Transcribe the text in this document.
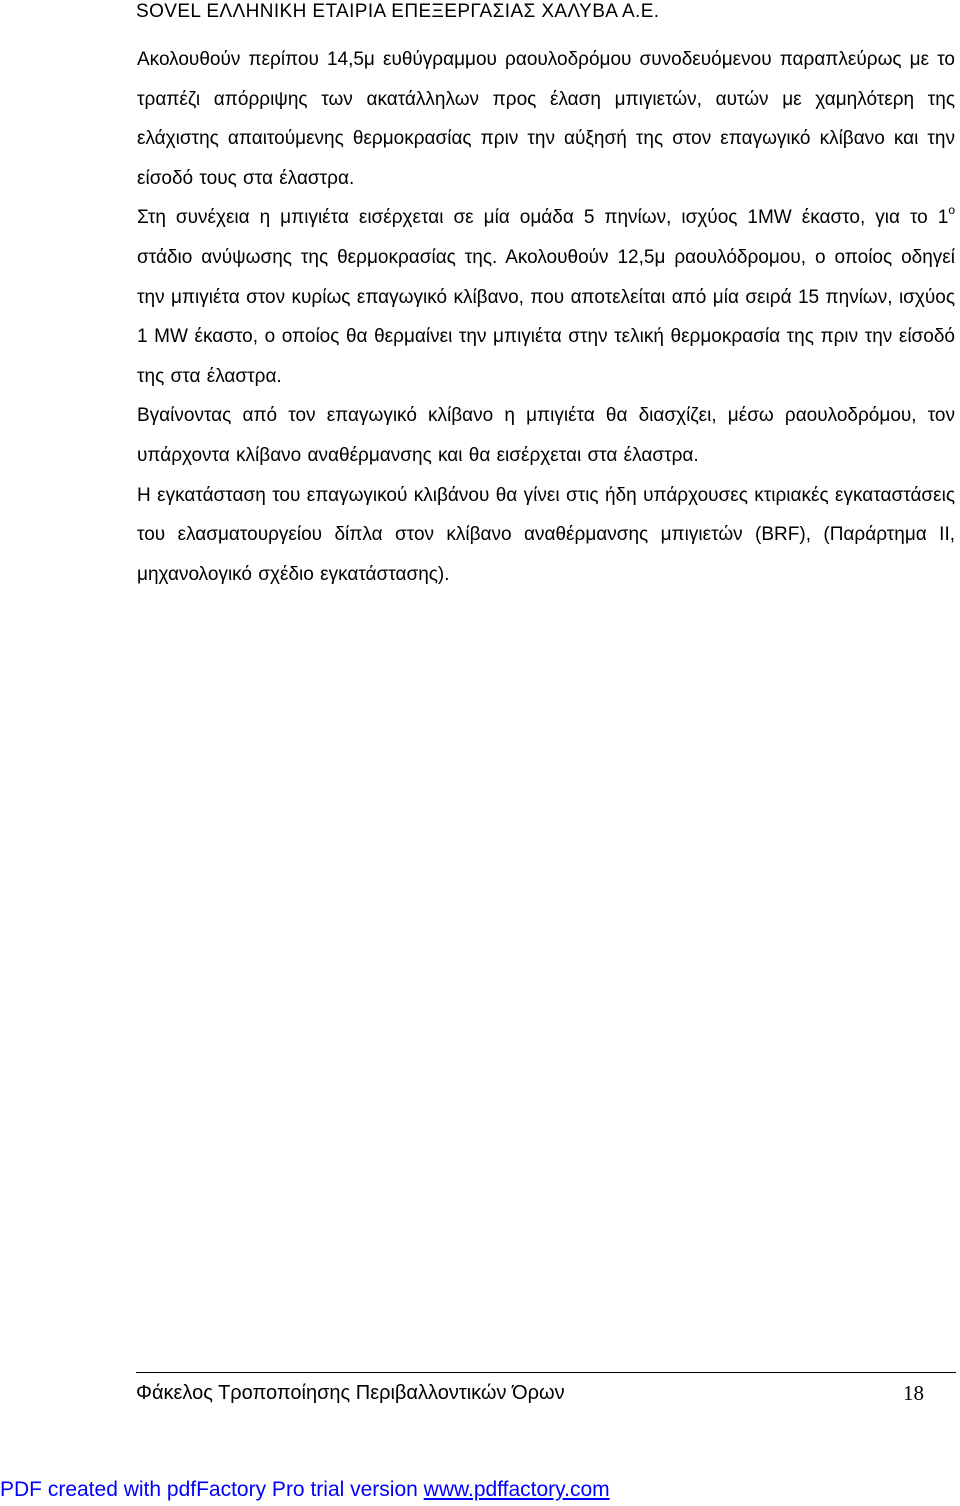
SOVEL ΕΛΛΗΝΙΚΗ ΕΤΑΙΡΙΑ ΕΠΕΞΕΡΓΑΣΙΑΣ ΧΑΛΥΒΑ Α.Ε.

Ακολουθούν περίπου 14,5μ ευθύγραμμου ραουλοδρόμου συνοδευόμενου παραπλεύρως με το τραπέζι απόρριψης των ακατάλληλων προς έλαση μπιγιετών, αυτών με χαμηλότερη της ελάχιστης απαιτούμενης θερμοκρασίας πριν την αύξησή της στον επαγωγικό κλίβανο και την είσοδό τους στα έλαστρα.

Στη συνέχεια η μπιγιέτα εισέρχεται σε μία ομάδα 5 πηνίων, ισχύος 1MW έκαστο, για το $1^o$ στάδιο ανύψωσης της θερμοκρασίας της. Ακολουθούν 12,5μ ραουλόδρομου, ο οποίος οδηγεί την μπιγιέτα στον κυρίως επαγωγικό κλίβανο, που αποτελείται από μία σειρά 15 πηνίων, ισχύος 1 MW έκαστο, ο οποίος θα θερμαίνει την μπιγιέτα στην τελική θερμοκρασία της πριν την είσοδό της στα έλαστρα.

Βγαίνοντας από τον επαγωγικό κλίβανο η μπιγιέτα θα διασχίζει, μέσω ραουλοδρόμου, τον υπάρχοντα κλίβανο αναθέρμανσης και θα εισέρχεται στα έλαστρα.

Η εγκατάσταση του επαγωγικού κλιβάνου θα γίνει στις ήδη υπάρχουσες κτιριακές εγκαταστάσεις του ελασματουργείου δίπλα στον κλίβανο αναθέρμανσης μπιγιετών (BRF), (Παράρτημα ΙΙ, μηχανολογικό σχέδιο εγκατάστασης).

Φάκελος Τροποποίησης Περιβαλλοντικών Όρων	18
PDF created with pdfFactory Pro trial version www.pdffactory.com
